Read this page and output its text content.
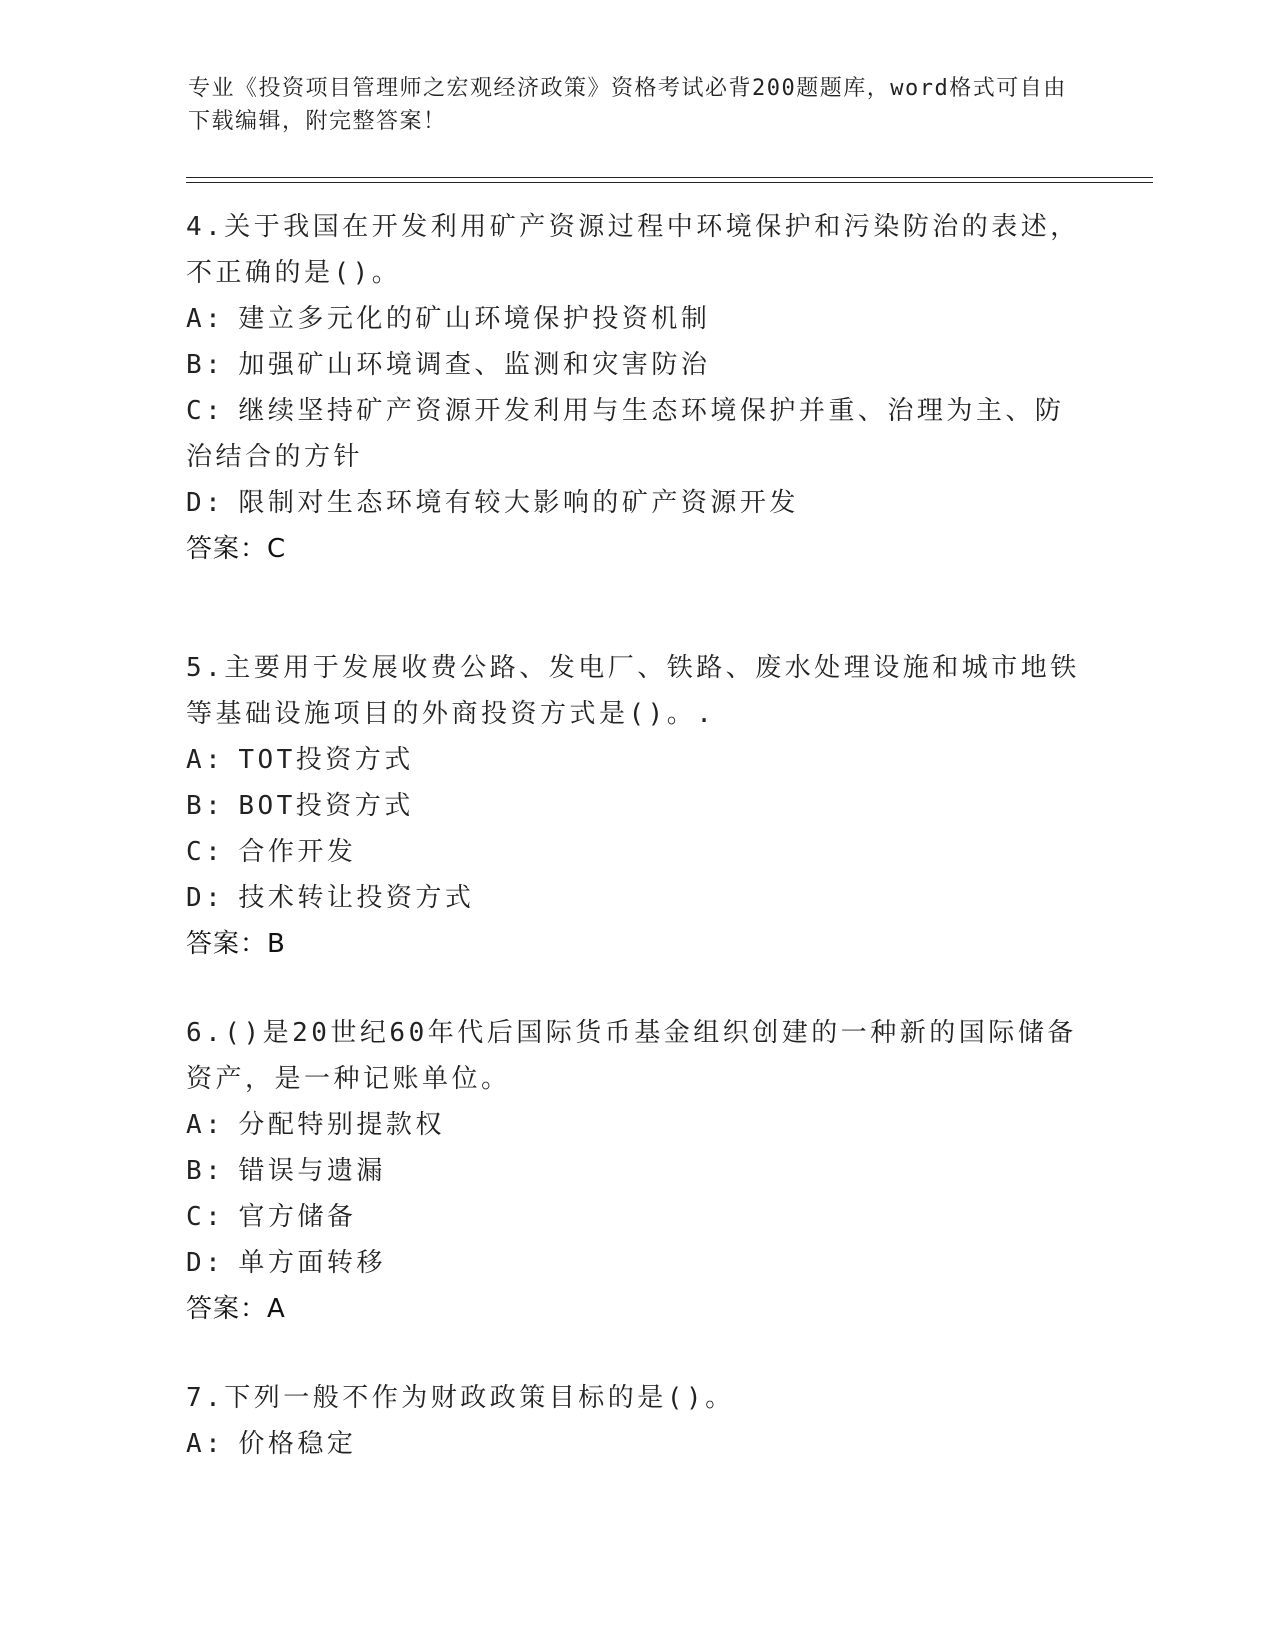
专业《投资项目管理师之宏观经济政策》资格考试必背200题题库，word格式可自由下载编辑，附完整答案！

4.关于我国在开发利用矿产资源过程中环境保护和污染防治的表述，不正确的是()。

A: 建立多元化的矿山环境保护投资机制

B: 加强矿山环境调查、监测和灾害防治

C: 继续坚持矿产资源开发利用与生态环境保护并重、治理为主、防治结合的方针

D: 限制对生态环境有较大影响的矿产资源开发

答案：C

5.主要用于发展收费公路、发电厂、铁路、废水处理设施和城市地铁等基础设施项目的外商投资方式是()。.

A: TOT投资方式

B: BOT投资方式

C: 合作开发

D: 技术转让投资方式

答案：B

6.()是20世纪60年代后国际货币基金组织创建的一种新的国际储备资产，是一种记账单位。

A: 分配特别提款权

B: 错误与遗漏

C: 官方储备

D: 单方面转移

答案：A

7.下列一般不作为财政政策目标的是()。

A: 价格稳定
